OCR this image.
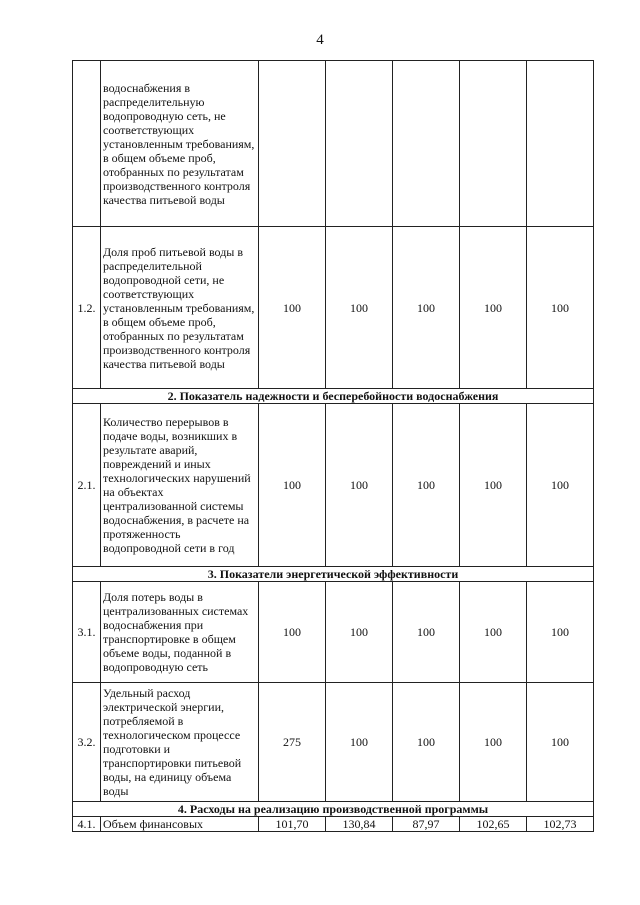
4
	водоснабжения в распределительную водопроводную сеть, не соответствующих установленным требованиям, в общем объеме проб, отобранных по результатам производственного контроля качества питьевой воды					
1.2.	Доля проб питьевой воды в распределительной водопроводной сети, не соответствующих установленным требованиям, в общем объеме проб, отобранных по результатам производственного контроля качества питьевой воды	100	100	100	100	100
2. Показатель надежности и бесперебойности водоснабжения						
2.1.	Количество перерывов в подаче воды, возникших в результате аварий, повреждений и иных технологических нарушений на объектах централизованной системы водоснабжения, в расчете на протяженность водопроводной сети в год	100	100	100	100	100
3. Показатели энергетической эффективности						
3.1.	Доля потерь воды в централизованных системах водоснабжения при транспортировке в общем объеме воды, поданной в водопроводную сеть	100	100	100	100	100
3.2.	Удельный расход электрической энергии, потребляемой в технологическом процессе подготовки и транспортировки питьевой воды, на единицу объема воды	275	100	100	100	100
4. Расходы на реализацию производственной программы						
4.1.	Объем финансовых	101,70	130,84	87,97	102,65	102,73
